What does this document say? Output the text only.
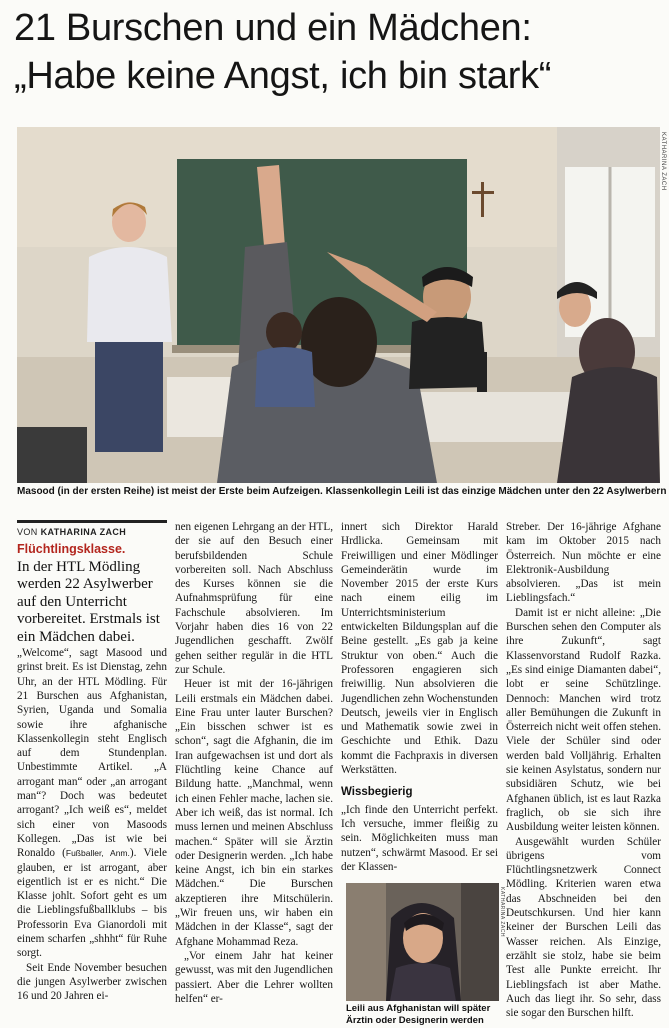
21 Burschen und ein Mädchen:
„Habe keine Angst, ich bin stark“
KATHARINA ZACH
Masood (in der ersten Reihe) ist meist der Erste beim Aufzeigen. Klassenkollegin Leili ist das einzige Mädchen unter den 22 Asylwerbern
VON KATHARINA ZACH
Flüchtlingsklasse.

In der HTL Mödling werden 22 Asylwerber auf den Unterricht vorbereitet. Erstmals ist ein Mädchen dabei.

„Welcome“, sagt Masood und grinst breit. Es ist Dienstag, zehn Uhr, an der HTL Mödling. Für 21 Burschen aus Afghanistan, Syrien, Uganda und Somalia sowie ihre afghanische Klassenkollegin steht Englisch auf dem Stundenplan. Unbestimmte Artikel. „A arrogant man“ oder „an arrogant man“? Doch was bedeutet arrogant? „Ich weiß es“, meldet sich einer von Masoods Kollegen. „Das ist wie bei Ronaldo (Fußballer, Anm.). Viele glauben, er ist arrogant, aber eigentlich ist er es nicht.“ Die Klasse johlt. Sofort geht es um die Lieblingsfußballklubs – bis Professorin Eva Gianordoli mit einem scharfen „shhht“ für Ruhe sorgt.

Seit Ende November besuchen die jungen Asylwerber zwischen 16 und 20 Jahren ei-

nen eigenen Lehrgang an der HTL, der sie auf den Besuch einer berufsbildenden Schule vorbereiten soll. Nach Abschluss des Kurses können sie die Aufnahmsprüfung für eine Fachschule absolvieren. Im Vorjahr haben dies 16 von 22 Jugendlichen geschafft. Zwölf gehen seither regulär in die HTL zur Schule.

Heuer ist mit der 16-jährigen Leili erstmals ein Mädchen dabei. Eine Frau unter lauter Burschen? „Ein bisschen schwer ist es schon“, sagt die Afghanin, die im Iran aufgewachsen ist und dort als Flüchtling keine Chance auf Bildung hatte. „Manchmal, wenn ich einen Fehler mache, lachen sie. Aber ich weiß, das ist normal. Ich muss lernen und meinen Abschluss machen.“ Später will sie Ärztin oder Designerin werden. „Ich habe keine Angst, ich bin ein starkes Mädchen.“ Die Burschen akzeptieren ihre Mitschülerin. „Wir freuen uns, wir haben ein Mädchen in der Klasse“, sagt der Afghane Mohammad Reza.

„Vor einem Jahr hat keiner gewusst, was mit den Jugendlichen passiert. Aber die Lehrer wollten helfen“ er-

innert sich Direktor Harald Hrdlicka. Gemeinsam mit Freiwilligen und einer Mödlinger Gemeinderätin wurde im November 2015 der erste Kurs nach einem eilig im Unterrichtsministerium entwickelten Bildungsplan auf die Beine gestellt. „Es gab ja keine Struktur von oben.“ Auch die Professoren engagieren sich freiwillig. Nun absolvieren die Jugendlichen zehn Wochenstunden Deutsch, jeweils vier in Englisch und Mathematik sowie zwei in Geschichte und Ethik. Dazu kommt die Fachpraxis in diversen Werkstätten.

Wissbegierig

„Ich finde den Unterricht perfekt. Ich versuche, immer fleißig zu sein. Möglichkeiten muss man nutzen“, schwärmt Masood. Er sei der Klassen-

Streber. Der 16-jährige Afghane kam im Oktober 2015 nach Österreich. Nun möchte er eine Elektronik-Ausbildung absolvieren. „Das ist mein Lieblingsfach.“

Damit ist er nicht alleine: „Die Burschen sehen den Computer als ihre Zukunft“, sagt Klassenvorstand Rudolf Razka. „Es sind einige Diamanten dabei“, lobt er seine Schützlinge. Dennoch: Manchen wird trotz aller Bemühungen die Zukunft in Österreich nicht weit offen stehen. Viele der Schüler sind oder werden bald Volljährig. Erhalten sie keinen Asylstatus, sondern nur subsidiären Schutz, wie bei Afghanen üblich, ist es laut Razka fraglich, ob sie sich ihre Ausbildung weiter leisten können.

Ausgewählt wurden Schüler übrigens vom Flüchtlingsnetzwerk Connect Mödling. Kriterien waren etwa das Abschneiden bei den Deutschkursen. Und hier kann keiner der Burschen Leili das Wasser reichen. Als Einzige, erzählt sie stolz, habe sie beim Test alle Punkte erreicht. Ihr Lieblingsfach ist aber Mathe. Auch das liegt ihr. So sehr, dass sie sogar den Burschen hilft.

KATHARINA ZACH
Leili aus Afghanistan will später Ärztin oder Designerin werden
